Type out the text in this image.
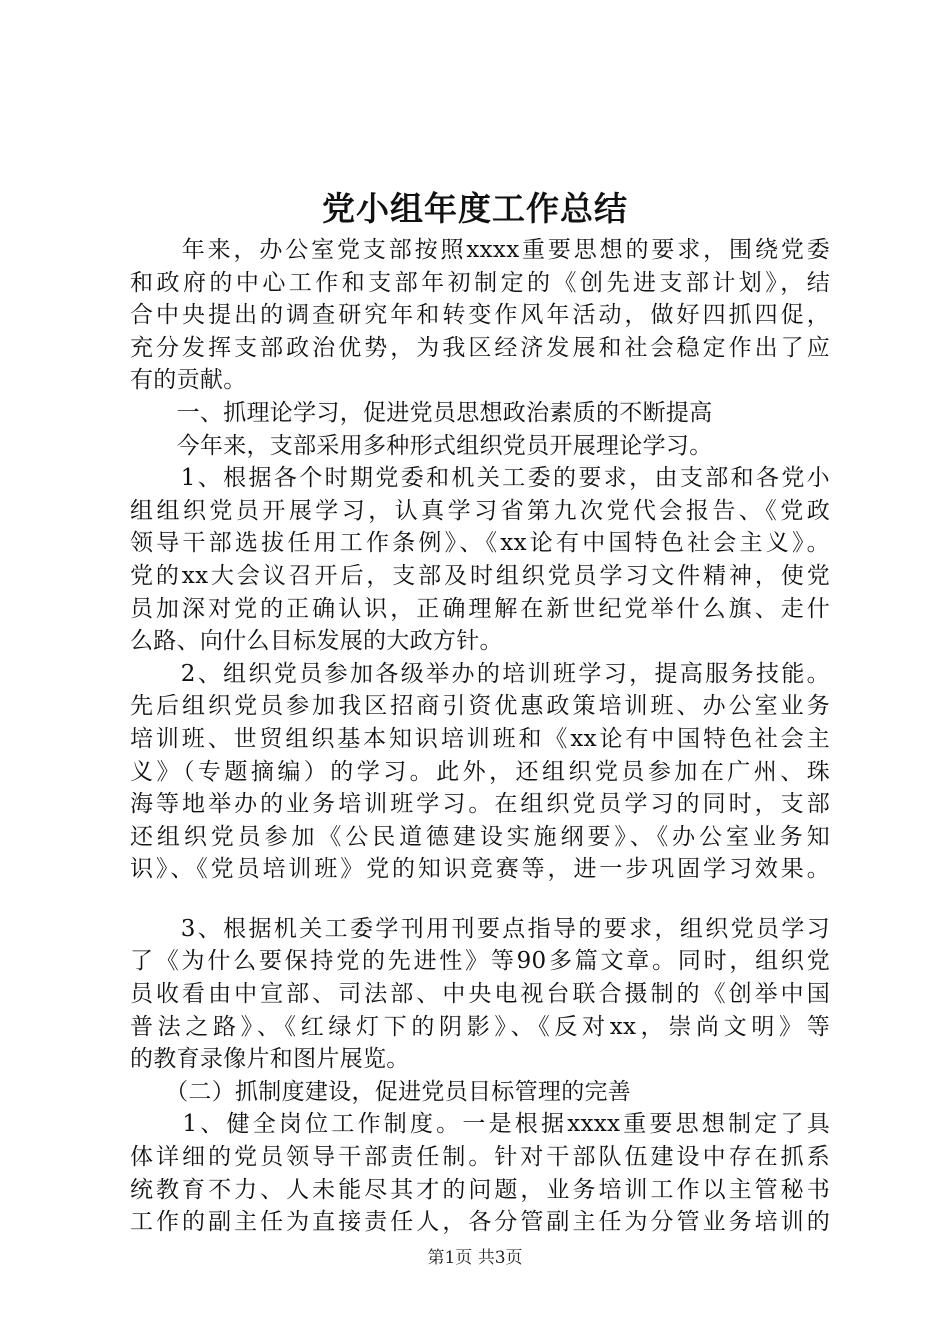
党小组年度工作总结
　　年来，办公室党支部按照xxxx重要思想的要求，围绕党委
和政府的中心工作和支部年初制定的《创先进支部计划》，结
合中央提出的调查研究年和转变作风年活动，做好四抓四促，
充分发挥支部政治优势，为我区经济发展和社会稳定作出了应
有的贡献。
　　一、抓理论学习，促进党员思想政治素质的不断提高
　　今年来，支部采用多种形式组织党员开展理论学习。
　　1、根据各个时期党委和机关工委的要求，由支部和各党小
组组织党员开展学习，认真学习省第九次党代会报告、《党政
领导干部选拔任用工作条例》、《xx论有中国特色社会主义》。
党的xx大会议召开后，支部及时组织党员学习文件精神，使党
员加深对党的正确认识，正确理解在新世纪党举什么旗、走什
么路、向什么目标发展的大政方针。
　　2、组织党员参加各级举办的培训班学习，提高服务技能。
先后组织党员参加我区招商引资优惠政策培训班、办公室业务
培训班、世贸组织基本知识培训班和《xx论有中国特色社会主
义》（专题摘编）的学习。此外，还组织党员参加在广州、珠
海等地举办的业务培训班学习。在组织党员学习的同时，支部
还组织党员参加《公民道德建设实施纲要》、《办公室业务知
识》、《党员培训班》党的知识竞赛等，进一步巩固学习效果。
　　3、根据机关工委学刊用刊要点指导的要求，组织党员学习
了《为什么要保持党的先进性》等90多篇文章。同时，组织党
员收看由中宣部、司法部、中央电视台联合摄制的《创举中国
普法之路》、《红绿灯下的阴影》、《反对xx，崇尚文明》等
的教育录像片和图片展览。
　　（二）抓制度建设，促进党员目标管理的完善
　　1、健全岗位工作制度。一是根据xxxx重要思想制定了具
体详细的党员领导干部责任制。针对干部队伍建设中存在抓系
统教育不力、人未能尽其才的问题，业务培训工作以主管秘书
工作的副主任为直接责任人，各分管副主任为分管业务培训的
第1页 共3页
